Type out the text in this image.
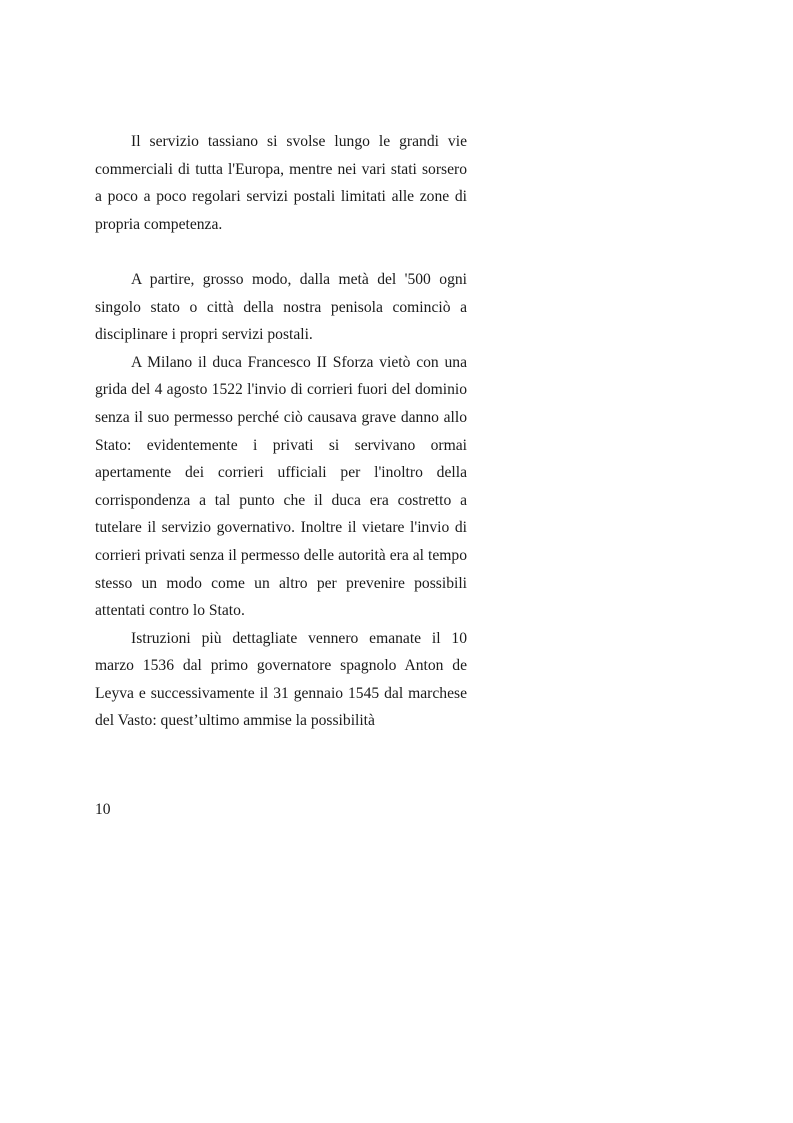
Il servizio tassiano si svolse lungo le grandi vie commerciali di tutta l'Europa, mentre nei vari stati sorsero a poco a poco regolari servizi postali limitati alle zone di propria competenza.

A partire, grosso modo, dalla metà del '500 ogni singolo stato o città della nostra penisola cominciò a disciplinare i propri servizi postali.

A Milano il duca Francesco II Sforza vietò con una grida del 4 agosto 1522 l'invio di corrieri fuori del dominio senza il suo permesso perché ciò causava grave danno allo Stato: evidentemente i privati si servivano ormai apertamente dei corrieri ufficiali per l'inoltro della corrispondenza a tal punto che il duca era costretto a tutelare il servizio governativo. Inoltre il vietare l'invio di corrieri privati senza il permesso delle autorità era al tempo stesso un modo come un altro per prevenire possibili attentati contro lo Stato.

Istruzioni più dettagliate vennero emanate il 10 marzo 1536 dal primo governatore spagnolo Anton de Leyva e successivamente il 31 gennaio 1545 dal marchese del Vasto: quest’ultimo ammise la possibilità

10
